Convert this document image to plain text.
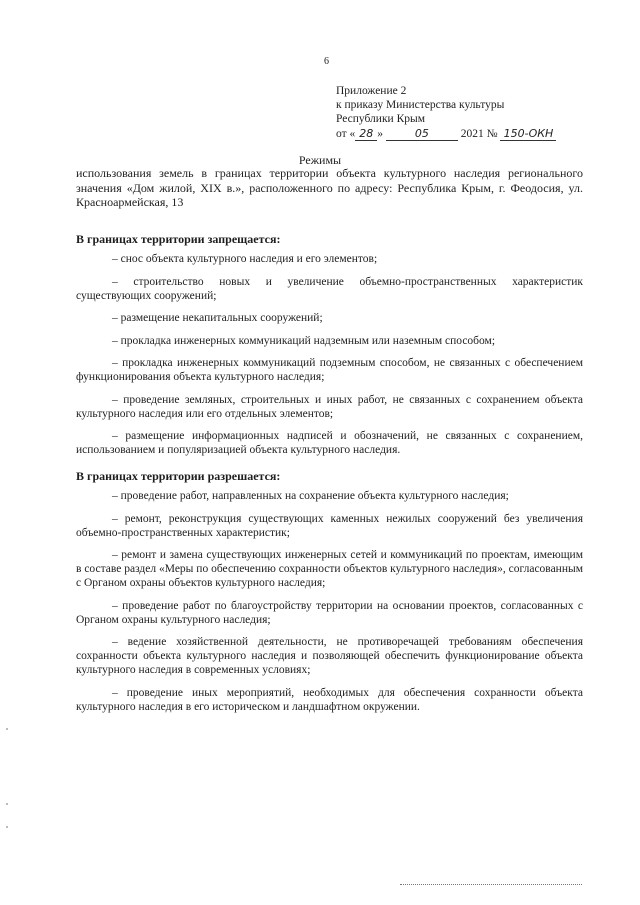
6
Приложение 2
к приказу Министерства культуры
Республики Крым
от « 28 »	05	2021 № 150-ОКН
Режимы
использования земель в границах территории объекта культурного наследия регионального значения «Дом жилой, XIX в.», расположенного по адресу: Республика Крым, г. Феодосия, ул. Красноармейская, 13
В границах территории запрещается:

– снос объекта культурного наследия и его элементов;

– строительство новых и увеличение объемно-пространственных характеристик существующих сооружений;

– размещение некапитальных сооружений;

– прокладка инженерных коммуникаций надземным или наземным способом;

– прокладка инженерных коммуникаций подземным способом, не связанных с обеспечением функционирования объекта культурного наследия;

– проведение земляных, строительных и иных работ, не связанных с сохранением объекта культурного наследия или его отдельных элементов;

– размещение информационных надписей и обозначений, не связанных с сохранением, использованием и популяризацией объекта культурного наследия.

В границах территории разрешается:

– проведение работ, направленных на сохранение объекта культурного наследия;

– ремонт, реконструкция существующих каменных нежилых сооружений без увеличения объемно-пространственных характеристик;

– ремонт и замена существующих инженерных сетей и коммуникаций по проектам, имеющим в составе раздел «Меры по обеспечению сохранности объектов культурного наследия», согласованным с Органом охраны объектов культурного наследия;

– проведение работ по благоустройству территории на основании проектов, согласованных с Органом охраны культурного наследия;

– ведение хозяйственной деятельности, не противоречащей требованиям обеспечения сохранности объекта культурного наследия и позволяющей обеспечить функционирование объекта культурного наследия в современных условиях;

– проведение иных мероприятий, необходимых для обеспечения сохранности объекта культурного наследия в его историческом и ландшафтном окружении.
